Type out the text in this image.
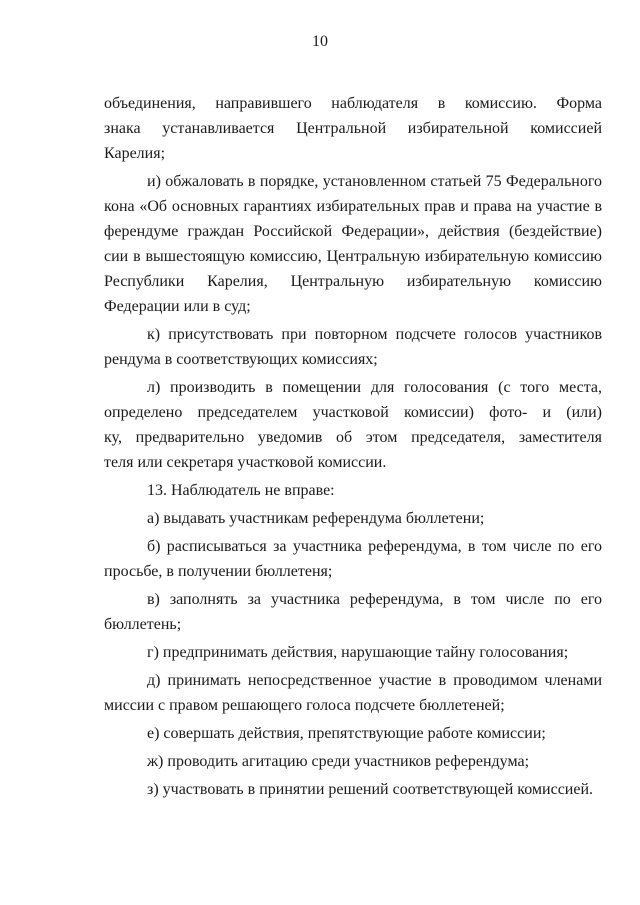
10
объединения, направившего наблюдателя в комиссию. Форма
знака устанавливается Центральной избирательной комиссией
Карелия;
и) обжаловать в порядке, установленном статьей 75 Федерального
кона «Об основных гарантиях избирательных прав и права на участие в
ферендуме граждан Российской Федерации», действия (бездействие)
сии в вышестоящую комиссию, Центральную избирательную комиссию
Республики Карелия, Центральную избирательную комиссию
Федерации или в суд;
к) присутствовать при повторном подсчете голосов участников
рендума в соответствующих комиссиях;
л) производить в помещении для голосования (с того места,
определено председателем участковой комиссии) фото- и (или)
ку, предварительно уведомив об этом председателя, заместителя
теля или секретаря участковой комиссии.
13. Наблюдатель не вправе:
а) выдавать участникам референдума бюллетени;
б) расписываться за участника референдума, в том числе по его
просьбе, в получении бюллетеня;
в) заполнять за участника референдума, в том числе по его
бюллетень;
г) предпринимать действия, нарушающие тайну голосования;
д) принимать непосредственное участие в проводимом членами
миссии с правом решающего голоса подсчете бюллетеней;
е) совершать действия, препятствующие работе комиссии;
ж) проводить агитацию среди участников референдума;
з) участвовать в принятии решений соответствующей комиссией.
